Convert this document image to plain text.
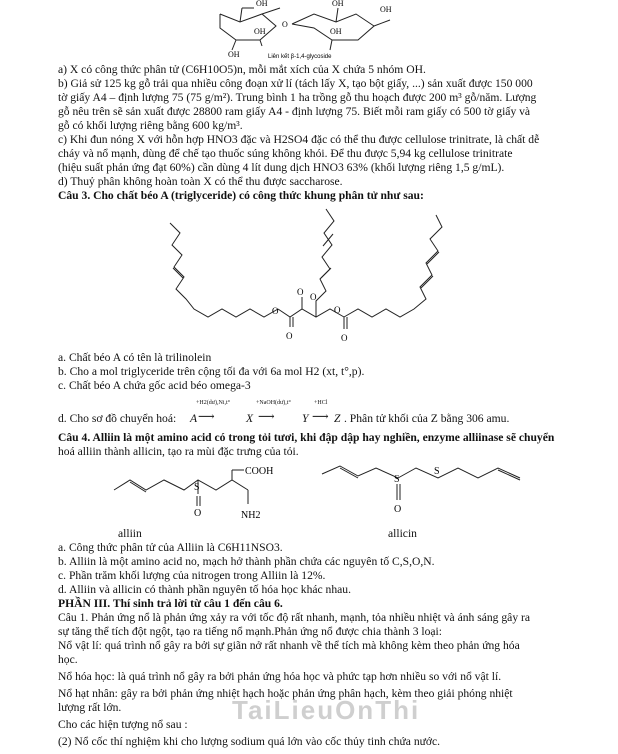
OH
OH
OH
O
OH
OH
OH
Liên kết β-1,4-glycoside
a) X có công thức phân tử (C6H10O5)n, mỗi mắt xích của X chứa 5 nhóm OH.
b) Giả sử 125 kg gỗ trải qua nhiều công đoạn xử lí (tách lấy X, tạo bột giấy, ...) sản xuất được 150 000
tờ giấy A4 – định lượng 75 (75 g/m²). Trung bình 1 ha trồng gỗ thu hoạch được 200 m³ gỗ/năm. Lượng
gỗ nêu trên sẽ sản xuất được 28800 ram giấy A4 - định lượng 75. Biết mỗi ram giấy có 500 tờ giấy và
gỗ có khối lượng riêng bằng 600 kg/m³.
c) Khi đun nóng X với hỗn hợp HNO3 đặc và H2SO4 đặc có thể thu được cellulose trinitrate, là chất dễ
cháy và nổ mạnh, dùng để chế tạo thuốc súng không khói. Để thu được 5,94 kg cellulose trinitrate
(hiệu suất phản ứng đạt 60%) cần dùng 4 lít dung dịch HNO3 63% (khối lượng riêng 1,5 g/mL).
d) Thuỷ phân không hoàn toàn X có thể thu được saccharose.
Câu 3. Cho chất béo A (triglyceride) có công thức khung phân tử như sau:
O
O
O	O
O
O
a. Chất béo A có tên là trilinolein
b. Cho a mol triglyceride trên cộng tối đa với 6a mol H2 (xt, t°,p).
c. Chất béo A chứa gốc acid béo omega-3
d. Cho sơ đồ chuyển hoá: A
+H2(dư),Ni,t°
⟶	X
+NaOH(dư),t°
⟶ Y
+HCl
⟶ Z . Phân tử khối của Z bằng 306 amu.
Câu 4. Alliin là một amino acid có trong tỏi tươi, khi đập dập hay nghiền, enzyme alliinase sẽ chuyển
hoá alliin thành allicin, tạo ra mùi đặc trưng của tỏi.
S
O
COOH
NH2
S
S
O
alliin	allicin
a. Công thức phân tử của Alliin là C6H11NSO3.
b. Alliin là một amino acid no, mạch hở thành phần chứa các nguyên tố C,S,O,N.
c. Phần trăm khối lượng của nitrogen trong Alliin là 12%.
d. Alliin và allicin có thành phần nguyên tố hóa học khác nhau.
PHẦN III. Thí sinh trả lời từ câu 1 đến câu 6.
Câu 1. Phản ứng nổ là phản ứng xảy ra với tốc độ rất nhanh, mạnh, tỏa nhiều nhiệt và ánh sáng gây ra
sự tăng thể tích đột ngột, tạo ra tiếng nổ mạnh.Phản ứng nổ được chia thành 3 loại:
Nổ vật lí: quá trình nổ gây ra bởi sự giãn nở rất nhanh về thể tích mà không kèm theo phản ứng hóa
học.
Nổ hóa học: là quá trình nổ gây ra bởi phản ứng hóa học và phức tạp hơn nhiều so với nổ vật lí.
Nổ hạt nhân: gây ra bởi phản ứng nhiệt hạch hoặc phản ứng phân hạch, kèm theo giải phóng nhiệt
lượng rất lớn.
Cho các hiện tượng nổ sau :
(2) Nổ cốc thí nghiệm khi cho lượng sodium quá lớn vào cốc thủy tinh chứa nước.
TaiLieuOnThi
